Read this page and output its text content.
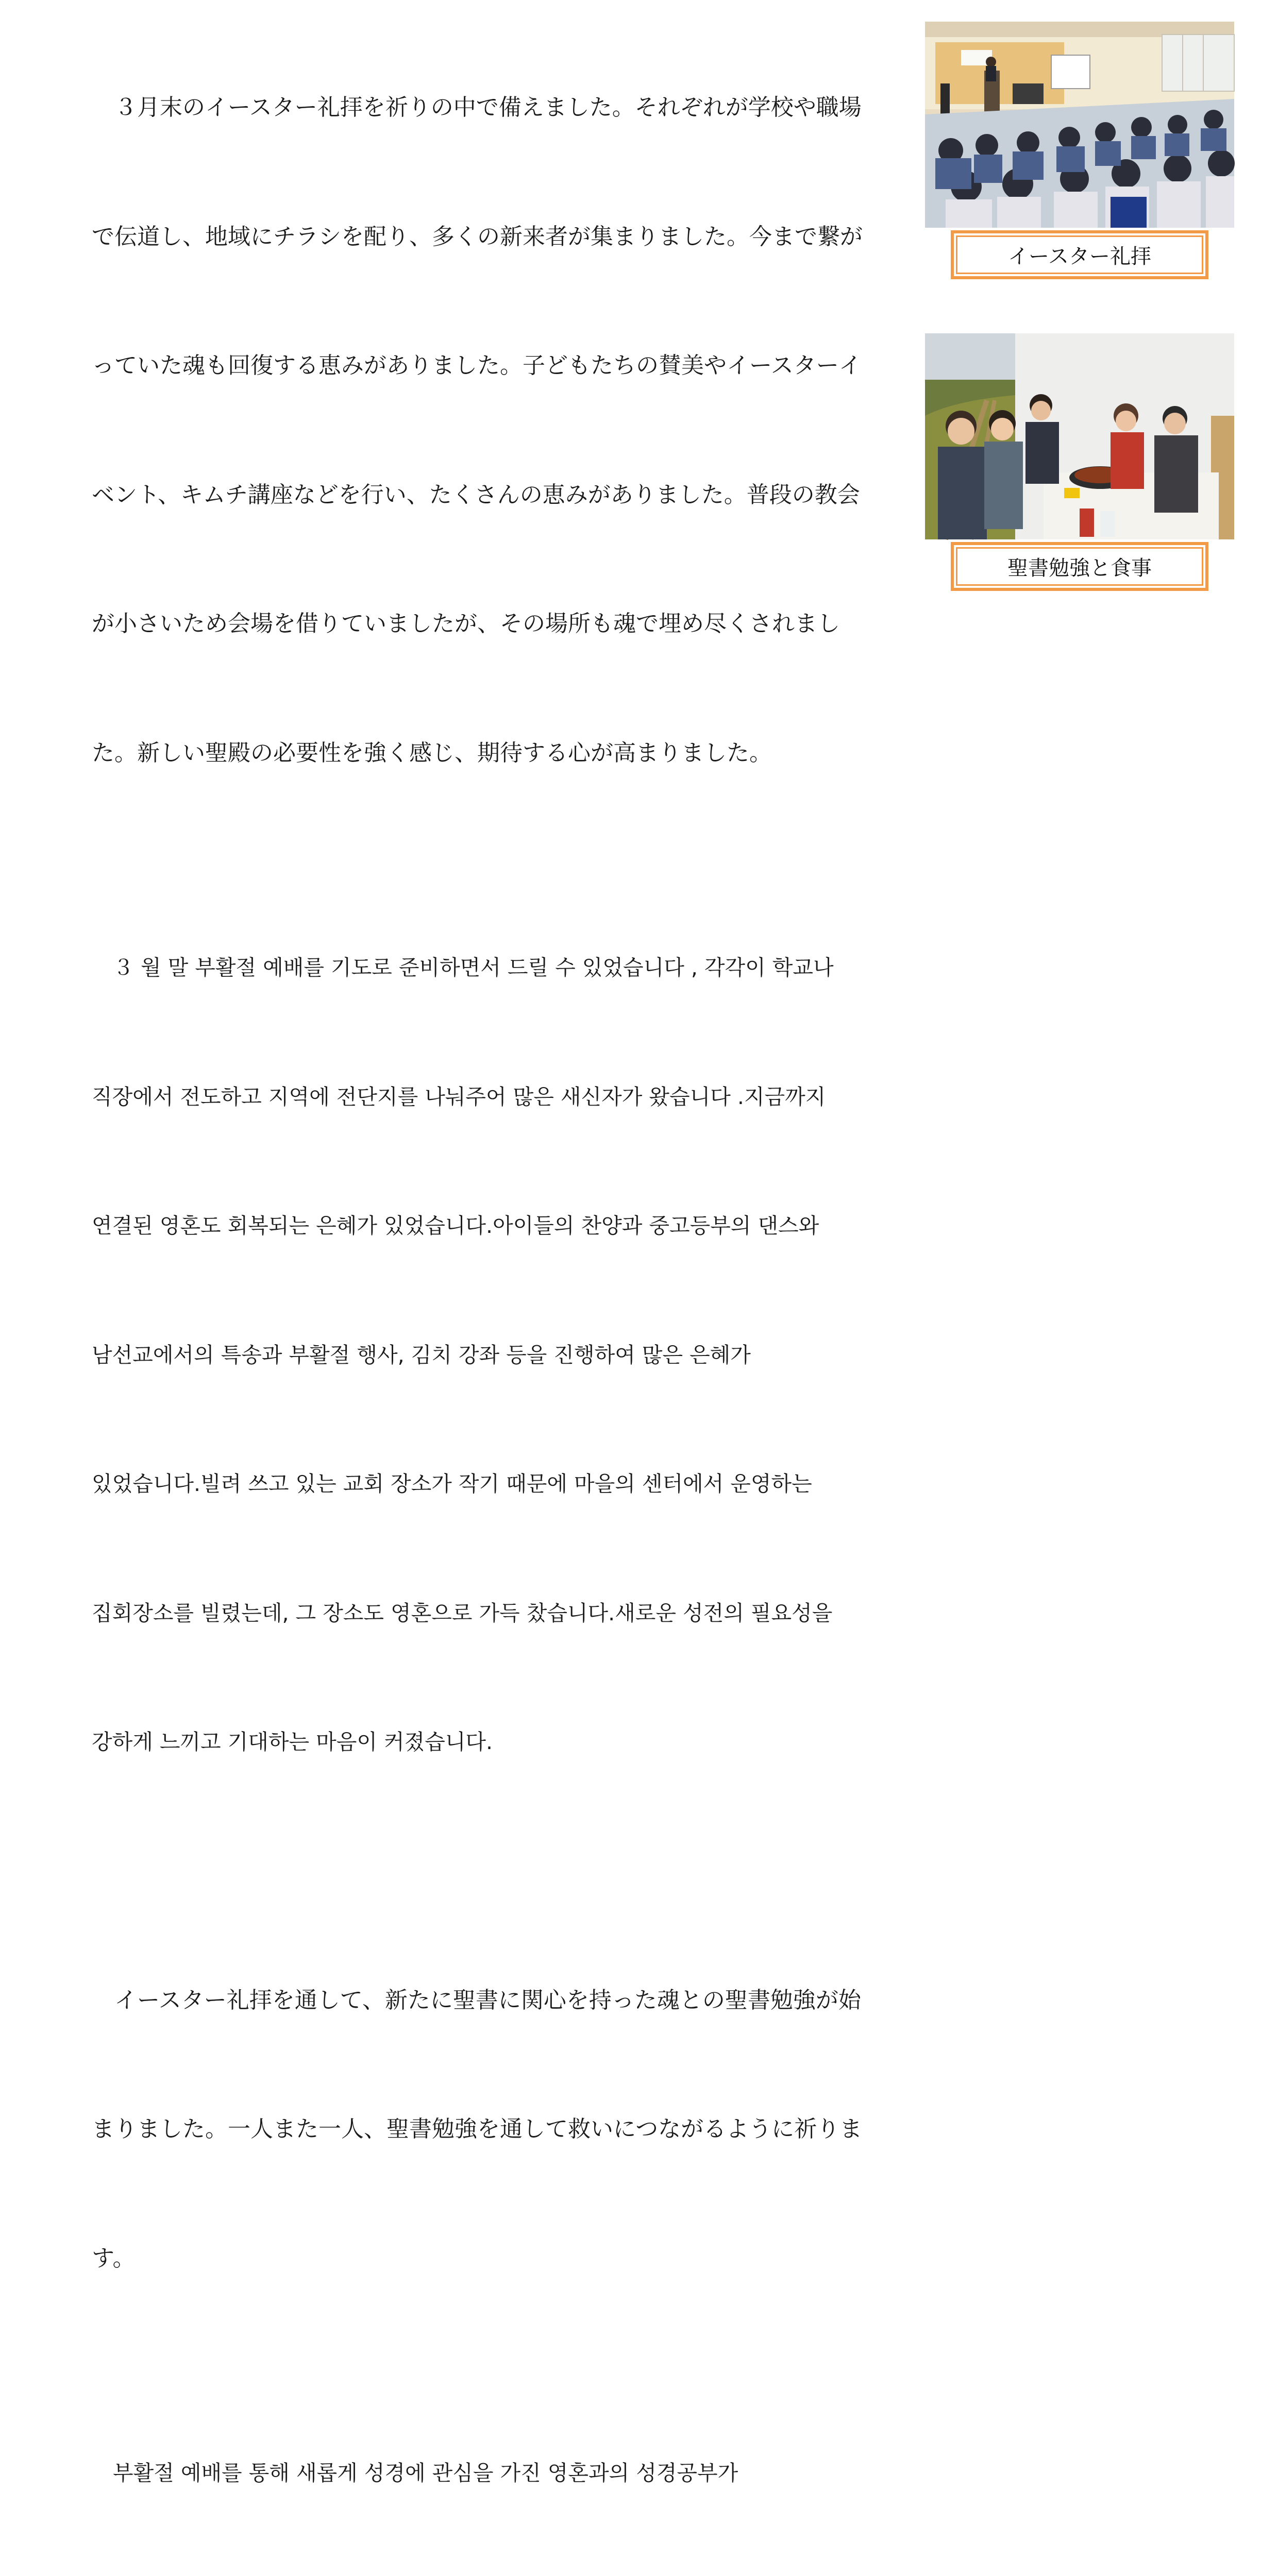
　３月末のイースター礼拝を祈りの中で備えました。それぞれが学校や職場

で伝道し、地域にチラシを配り、多くの新来者が集まりました。今まで繋が

っていた魂も回復する恵みがありました。子どもたちの賛美やイースターイ

ベント、キムチ講座などを行い、たくさんの恵みがありました。普段の教会

が小さいため会場を借りていましたが、その場所も魂で埋め尽くされまし

た。新しい聖殿の必要性を強く感じ、期待する心が高まりました。

　３ 월 말 부활절 예배를 기도로 준비하면서 드릴 수 있었습니다 , 각각이 학교나

직장에서 전도하고 지역에 전단지를 나눠주어 많은 새신자가 왔습니다 .지금까지

연결된 영혼도 회복되는 은혜가 있었습니다.아이들의 찬양과 중고등부의 댄스와

남선교에서의 특송과 부활절 행사, 김치 강좌 등을 진행하여 많은 은혜가

있었습니다.빌려 쓰고 있는 교회 장소가 작기 때문에 마을의 센터에서 운영하는

집회장소를 빌렸는데, 그 장소도 영혼으로 가득 찼습니다.새로운 성전의 필요성을

강하게 느끼고 기대하는 마음이 커졌습니다.

　イースター礼拝を通して、新たに聖書に関心を持った魂との聖書勉強が始

まりました。一人また一人、聖書勉強を通して救いにつながるように祈りま

す。

　부활절 예배를 통해 새롭게 성경에 관심을 가진 영혼과의 성경공부가

イースター礼拝
聖書勉強と食事
